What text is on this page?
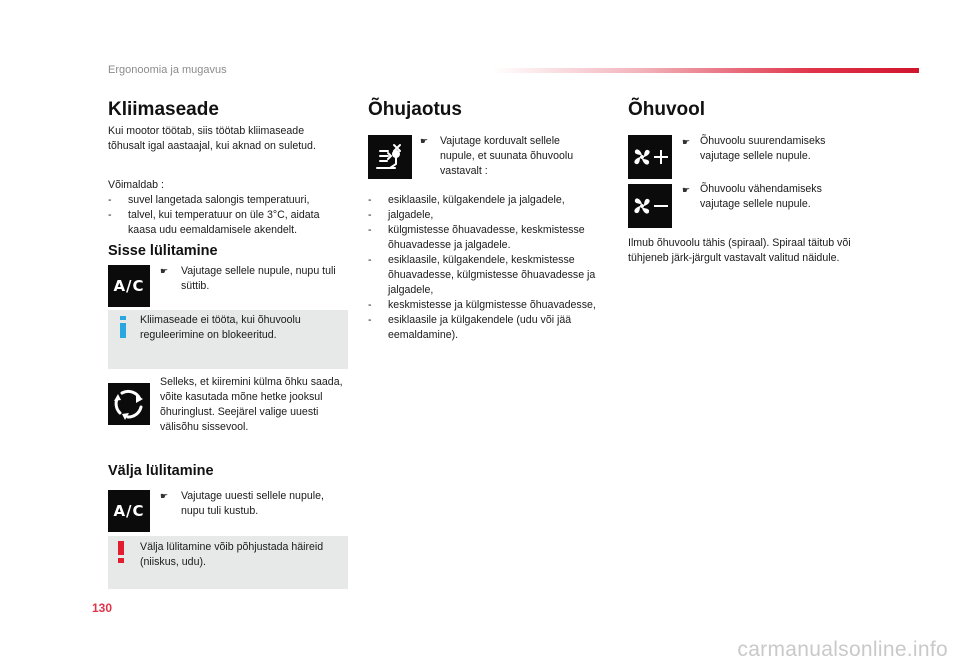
Ergonoomia ja mugavus
Kliimaseade
Kui mootor töötab, siis töötab kliimaseade tõhusalt igal aastaajal, kui aknad on suletud.
Võimaldab :
- suvel langetada salongis temperatuuri,
- talvel, kui temperatuur on üle 3°C, aidata kaasa udu eemaldamisele akendelt.
Sisse lülitamine
A/C
☛ Vajutage sellele nupule, nupu tuli süttib.
Kliimaseade ei tööta, kui õhuvoolu reguleerimine on blokeeritud.
Selleks, et kiiremini külma õhku saada, võite kasutada mõne hetke jooksul õhuringlust. Seejärel valige uuesti välisõhu sissevool.
Välja lülitamine
A/C
☛ Vajutage uuesti sellele nupule, nupu tuli kustub.
Välja lülitamine võib põhjustada häireid (niiskus, udu).
Õhujaotus
☛ Vajutage korduvalt sellele nupule, et suunata õhuvoolu vastavalt :
- esiklaasile, külgakendele ja jalgadele,
- jalgadele,
- külgmistesse õhuavadesse, keskmistesse õhuavadesse ja jalgadele.
- esiklaasile, külgakendele, keskmistesse õhuavadesse, külgmistesse õhuavadesse ja jalgadele,
- keskmistesse ja külgmistesse õhuavadesse,
- esiklaasile ja külgakendele (udu või jää eemaldamine).
Õhuvool
☛ Õhuvoolu suurendamiseks vajutage sellele nupule.
☛ Õhuvoolu vähendamiseks vajutage sellele nupule.
Ilmub õhuvoolu tähis (spiraal). Spiraal täitub või tühjeneb järk-järgult vastavalt valitud näidule.
130
carmanualsonline.info
